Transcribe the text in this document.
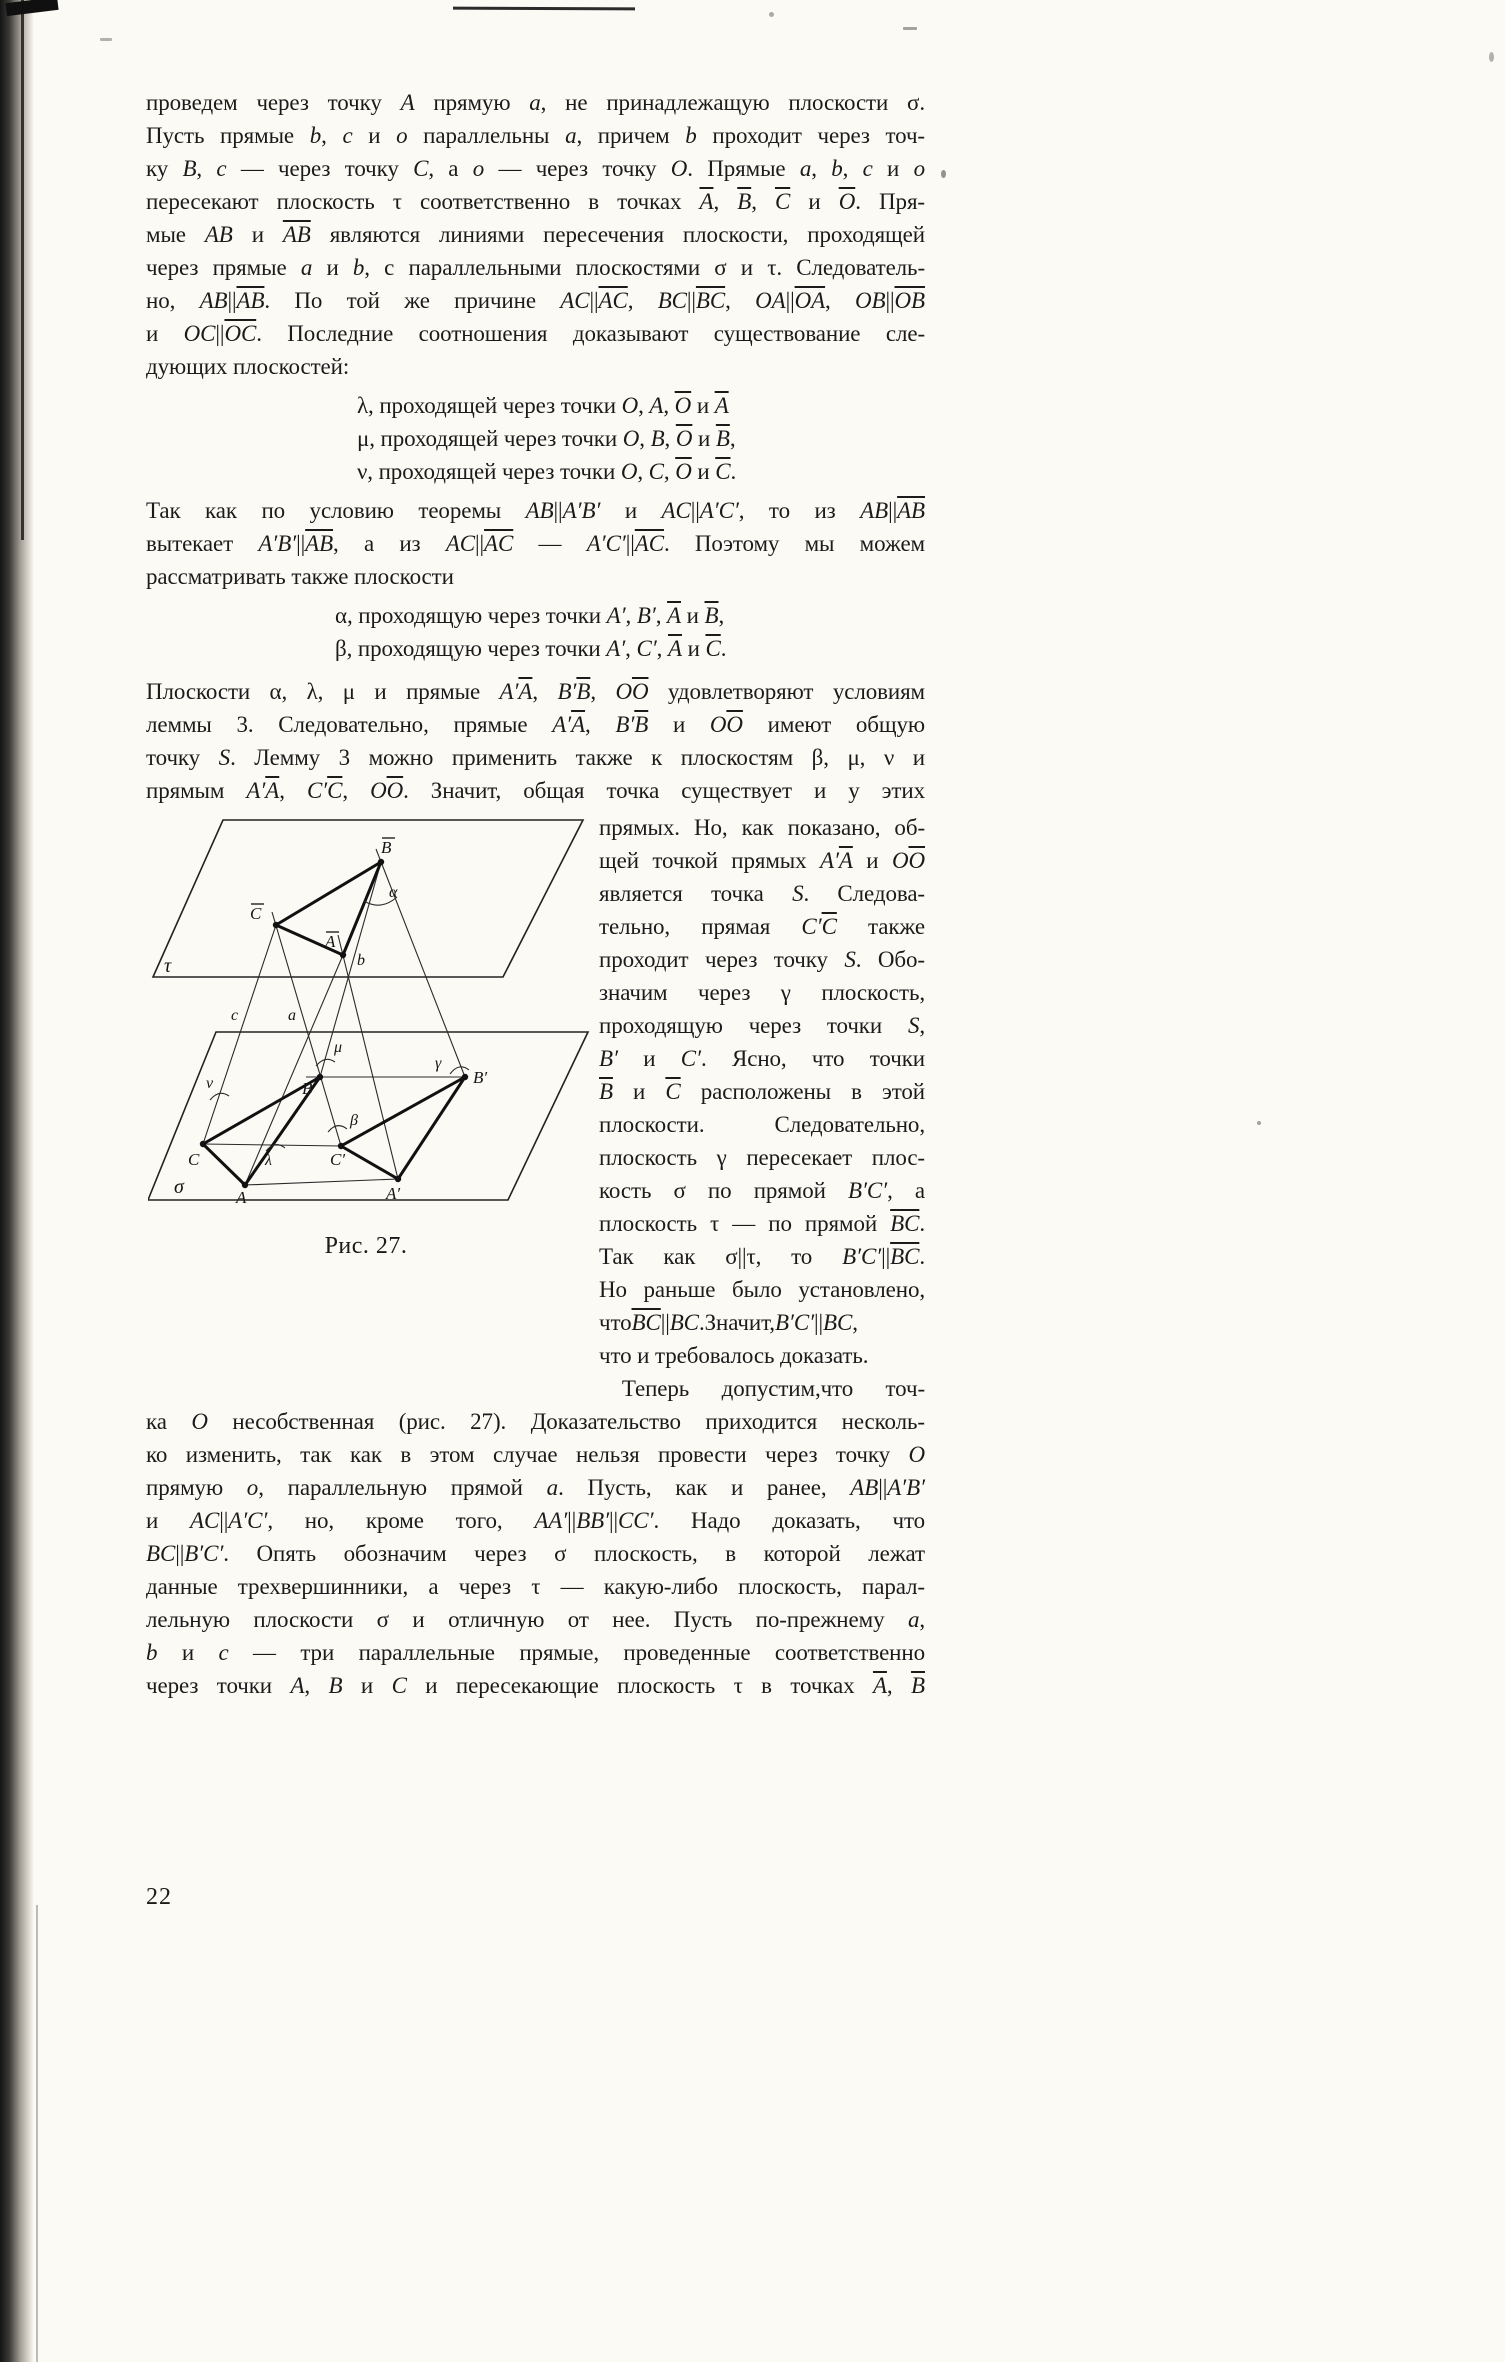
проведем через точку A прямую a, не принадлежащую плоскости σ.
Пусть прямые b, c и o параллельны a, причем b проходит через точ-
ку B, c — через точку C, а o — через точку O. Прямые a, b, c и o
пересекают плоскость τ соответственно в точках $\overline{A}$, $\overline{B}$, $\overline{C}$ и $\overline{O}$. Пря-
мые AB и $\overline{AB}$ являются линиями пересечения плоскости, проходящей
через прямые a и b, с параллельными плоскостями σ и τ. Следователь-
но, $AB||\overline{AB}$. По той же причине $AC||\overline{AC}$, $BC||\overline{BC}$, $OA||\overline{OA}$, $OB||\overline{OB}$
и $OC||\overline{OC}$. Последние соотношения доказывают существование сле-
дующих плоскостей:
λ, проходящей через точки O, A, $\overline{O}$ и $\overline{A}$
μ, проходящей через точки O, B, $\overline{O}$ и $\overline{B}$,
ν, проходящей через точки O, C, $\overline{O}$ и $\overline{C}$.
Так как по условию теоремы AB||A′B′ и AC||A′C′, то из $AB||\overline{AB}$
вытекает $A'B'||\overline{AB}$, а из $AC||\overline{AC}$ — $A'C'||\overline{AC}$. Поэтому мы можем
рассматривать также плоскости
α, проходящую через точки A′, B′, $\overline{A}$ и $\overline{B}$,
β, проходящую через точки A′, C′, $\overline{A}$ и $\overline{C}$.
Плоскости α, λ, μ и прямые $A'\overline{A}$, $B'\overline{B}$, $O\overline{O}$ удовлетворяют условиям
леммы 3. Следовательно, прямые $A'\overline{A}$, $B'\overline{B}$ и $O\overline{O}$ имеют общую
точку S. Лемму 3 можно применить также к плоскостям β, μ, ν и
прямым $A'\overline{A}$, $C'\overline{C}$, $O\overline{O}$. Значит, общая точка существует и у этих
τ
σ
B
C
A
α
b
a
c
μ
γ
ν
λ
β
C
A
B
B′
C′
A′
Рис. 27.
прямых. Но, как показано, об-
щей точкой прямых $A'\overline{A}$ и $O\overline{O}$
является точка S. Следова-
тельно, прямая $C'\overline{C}$ также
проходит через точку S. Обо-
значим через γ плоскость,
проходящую через точки S,
B′ и C′. Ясно, что точки
$\overline{B}$ и $\overline{C}$ расположены в этой
плоскости. Следовательно,
плоскость γ пересекает плос-
кость σ по прямой B′C′, а
плоскость τ — по прямой $\overline{BC}$.
Так как σ||τ, то $B'C'||\overline{BC}$.
Но раньше было установлено,
$что\overline{BC}||BC.Значит,B'C'||BC$,
что и требовалось доказать.
 Теперь допустим,что точ-
ка O несобственная (рис. 27). Доказательство приходится несколь-
ко изменить, так как в этом случае нельзя провести через точку O
прямую o, параллельную прямой a. Пусть, как и ранее, AB||A′B′
и AC||A′C′, но, кроме того, AA′||BB′||CC′. Надо доказать, что
BC||B′C′. Опять обозначим через σ плоскость, в которой лежат
данные трехвершинники, а через τ — какую-либо плоскость, парал-
лельную плоскости σ и отличную от нее. Пусть по-прежнему a,
b и c — три параллельные прямые, проведенные соответственно
через точки A, B и C и пересекающие плоскость τ в точках $\overline{A}$, $\overline{B}$
22
